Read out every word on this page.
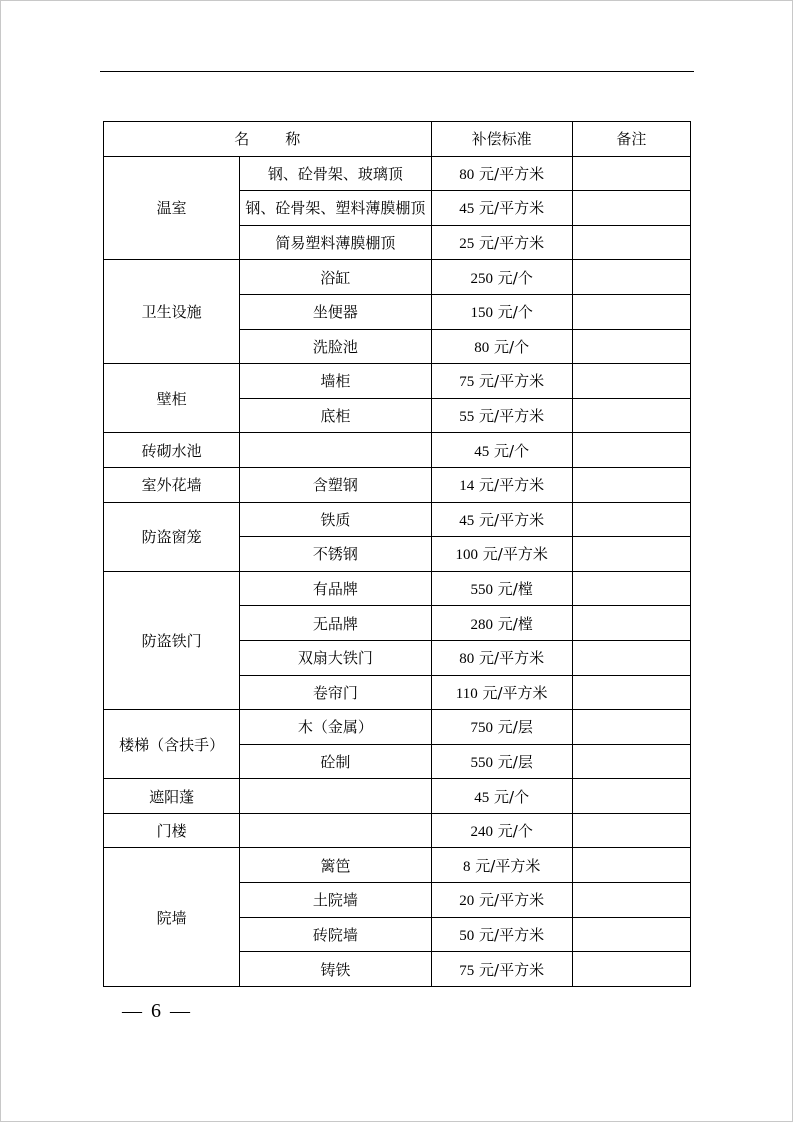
名称		补偿标准	备注
温室	钢、砼骨架、玻璃顶	80 元/平方米	
	钢、砼骨架、塑料薄膜棚顶	45 元/平方米	
	简易塑料薄膜棚顶	25 元/平方米	
卫生设施	浴缸	250 元/个	
	坐便器	150 元/个	
	洗脸池	80 元/个	
壁柜	墙柜	75 元/平方米	
	底柜	55 元/平方米	
砖砌水池		45 元/个	
室外花墙	含塑钢	14 元/平方米	
防盗窗笼	铁质	45 元/平方米	
	不锈钢	100 元/平方米	
防盗铁门	有品牌	550 元/樘	
	无品牌	280 元/樘	
	双扇大铁门	80 元/平方米	
	卷帘门	110 元/平方米	
楼梯（含扶手）	木（金属）	750 元/层	
	砼制	550 元/层	
遮阳蓬		45 元/个	
门楼		240 元/个	
院墙	篱笆	8 元/平方米	
	土院墙	20 元/平方米	
	砖院墙	50 元/平方米	
	铸铁	75 元/平方米	
— 6 —
